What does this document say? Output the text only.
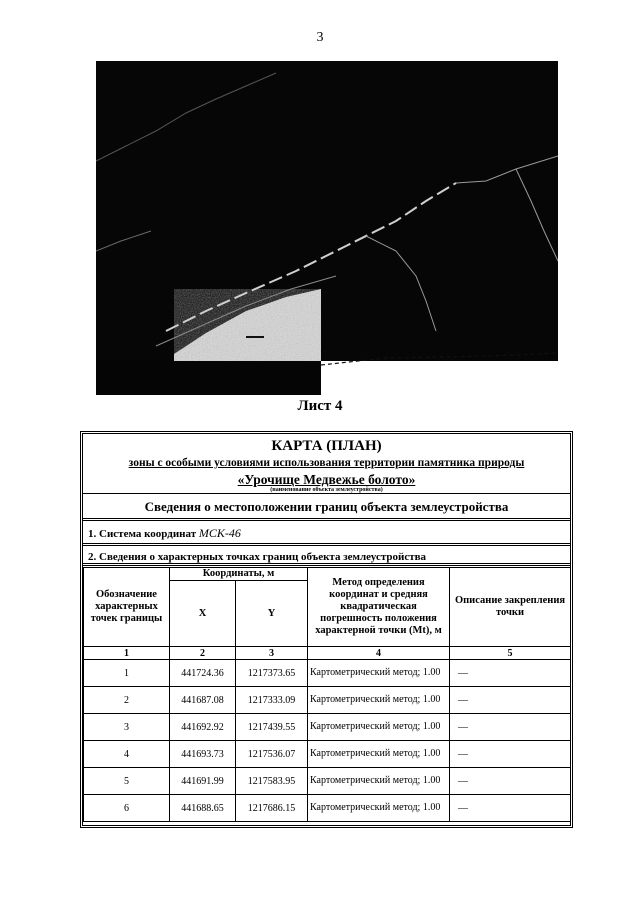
3
Лист 4
КАРТА (ПЛАН)
зоны с особыми условиями использования территории памятника природы
«Урочище Медвежье болото»
(наименование объекта землеустройства)
Сведения о местоположении границ объекта землеустройства
1. Система координат МСК-46
2. Сведения о характерных точках границ объекта землеустройства
Обозначение характерных точек границы	Координаты, м		Метод определения координат и средняя квадратическая погрешность положения характерной точки (Mt), м	Описание закрепления точки
	X	Y		
1	2	3	4	5
1	441724.36	1217373.65	Картометрический метод; 1.00	—
2	441687.08	1217333.09	Картометрический метод; 1.00	—
3	441692.92	1217439.55	Картометрический метод; 1.00	—
4	441693.73	1217536.07	Картометрический метод; 1.00	—
5	441691.99	1217583.95	Картометрический метод; 1.00	—
6	441688.65	1217686.15	Картометрический метод; 1.00	—
